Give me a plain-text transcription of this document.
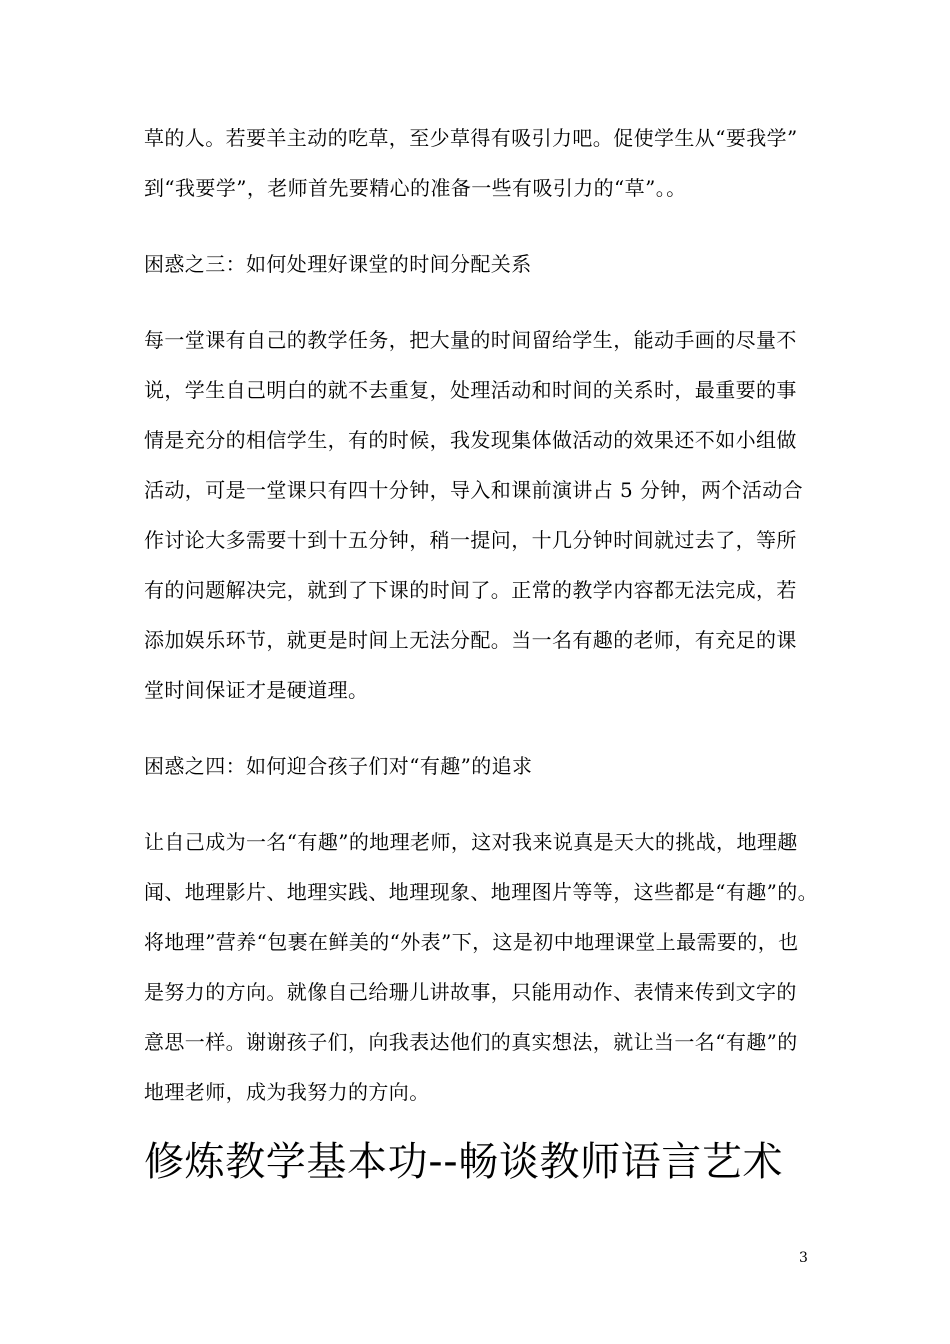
草的人。若要羊主动的吃草，至少草得有吸引力吧。促使学生从“要我学”
到“我要学”，老师首先要精心的准备一些有吸引力的“草”。。
困惑之三：如何处理好课堂的时间分配关系
每一堂课有自己的教学任务，把大量的时间留给学生，能动手画的尽量不
说，学生自己明白的就不去重复，处理活动和时间的关系时，最重要的事
情是充分的相信学生，有的时候，我发现集体做活动的效果还不如小组做
活动，可是一堂课只有四十分钟，导入和课前演讲占 5 分钟，两个活动合
作讨论大多需要十到十五分钟，稍一提问，十几分钟时间就过去了，等所
有的问题解决完，就到了下课的时间了。正常的教学内容都无法完成，若
添加娱乐环节，就更是时间上无法分配。当一名有趣的老师，有充足的课
堂时间保证才是硬道理。
困惑之四：如何迎合孩子们对“有趣”的追求
让自己成为一名“有趣”的地理老师，这对我来说真是天大的挑战，地理趣
闻、地理影片、地理实践、地理现象、地理图片等等，这些都是“有趣”的。
将地理”营养“包裹在鲜美的“外表”下，这是初中地理课堂上最需要的，也
是努力的方向。就像自己给珊儿讲故事，只能用动作、表情来传到文字的
意思一样。谢谢孩子们，向我表达他们的真实想法，就让当一名“有趣”的
地理老师，成为我努力的方向。
修炼教学基本功--畅谈教师语言艺术
3
